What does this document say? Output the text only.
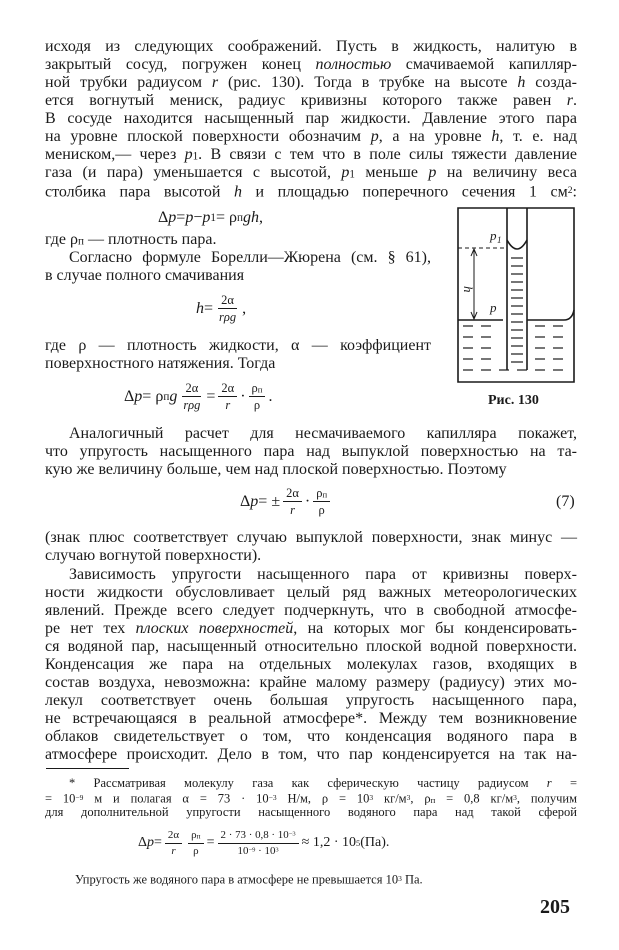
исходя из следующих соображений. Пусть в жидкость, налитую в
закрытый сосуд, погружен конец полностью смачиваемой капилляр-
ной трубки радиусом r (рис. 130). Тогда в трубке на высоте h созда-
ется вогнутый мениск, радиус кривизны которого также равен r.
В сосуде находится насыщенный пар жидкости. Давление этого пара
на уровне плоской поверхности обозначим p, а на уровне h, т. е. над
мениском,— через p1. В связи с тем что в поле силы тяжести давление
газа (и пара) уменьшается с высотой, p1 меньше p на величину веса
столбика пара высотой h и площадью поперечного сечения 1 $см^2$:
Δ p = p − p 1 = ρ п gh ,
где ρп — плотность пара.
Согласно формуле Борелли—Жюрена (см. § 61),
в случае полного смачивания
$h = \frac{2\alpha}{\text{rρg}}$ ,
где ρ — плотность жидкости, α — коэффициент
поверхностного натяжения. Тогда
Δ p = ρ п g $\frac{2\alpha}{\text{rρg}} = \frac{2\alpha}{r} \cdot \frac{\rho п}{\rho}$ .
p 1
h
p
Рис. 130
Аналогичный расчет для несмачиваемого капилляра покажет,
что упругость насыщенного пара над выпуклой поверхностью на та-
кую же величину больше, чем над плоской поверхностью. Поэтому
Δ p = ± $\frac{2\alpha}{r} \cdot \frac{\rho п}{\rho}$	(7)
(знак плюс соответствует случаю выпуклой поверхности, знак минус —
случаю вогнутой поверхности).
Зависимость упругости насыщенного пара от кривизны поверх-
ности жидкости обусловливает целый ряд важных метеорологических
явлений. Прежде всего следует подчеркнуть, что в свободной атмосфе-
ре нет тех плоских поверхностей, на которых мог бы конденсировать-
ся водяной пар, насыщенный относительно плоской водной поверхности.
Конденсация же пара на отдельных молекулах газов, входящих в
состав воздуха, невозможна: крайне малому размеру (радиусу) этих мо-
лекул соответствует очень большая упругость насыщенного пара,
не встречающаяся в реальной атмосфере*. Между тем возникновение
облаков свидетельствует о том, что конденсация водяного пара в
атмосфере происходит. Дело в том, что пар конденсируется на так на-
* Рассматривая молекулу газа как сферическую частицу радиусом r =
= $10^{-9}$ м и полагая $\alpha = 73 \cdot 10^{-3}$ Н/м, $\rho = 10^3$ $кг/м^3$, ρп = 0,8 $кг/м^3$, получим
для дополнительной упругости насыщенного водяного пара над такой сферой
Δ $p = \frac{2\alpha}{r} \frac{\rho п}{\rho} = \frac{2 \cdot 73 \cdot 0,8 \cdot 10^{-3}}{10^{-9} \cdot 10^3} \approx 1,2 \cdot 10$ 5 (Па).
Упругость же водяного пара в атмосфере не превышается $10^3$ Па.
205
